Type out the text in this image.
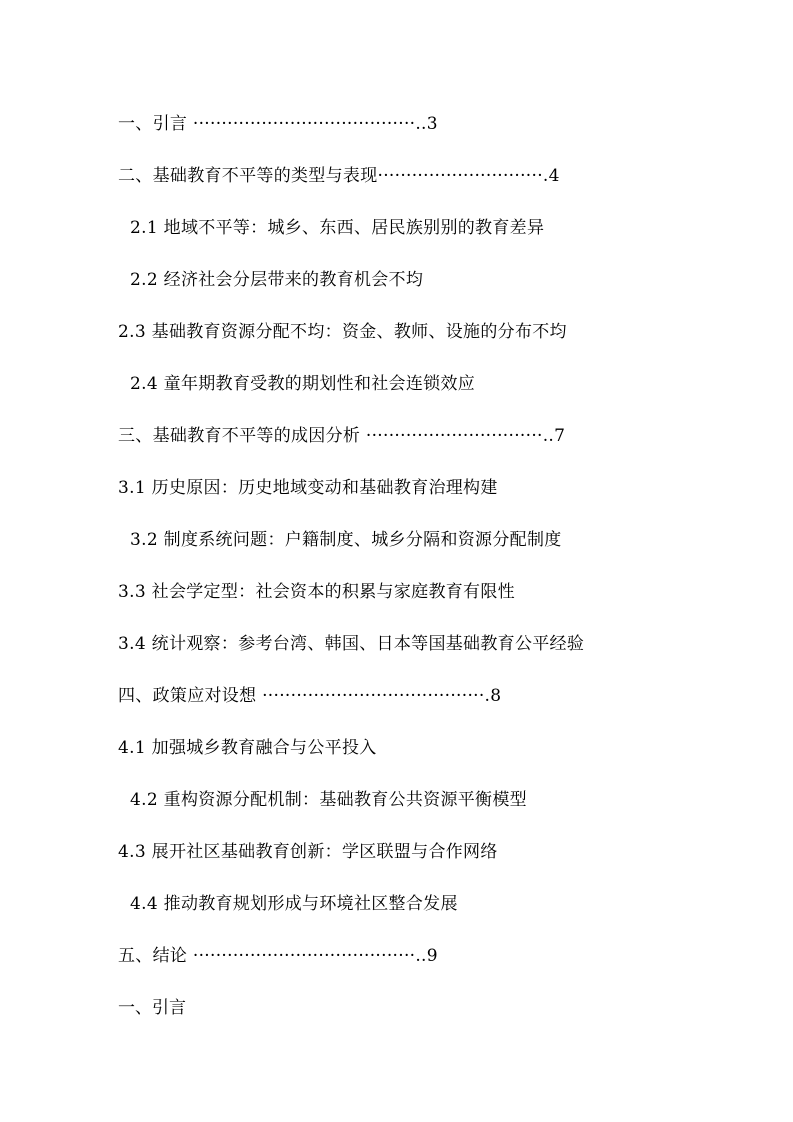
一、引言 ·······································..3
二、基础教育不平等的类型与表现·····························.4
2.1 地域不平等：城乡、东西、居民族别别的教育差异
2.2 经济社会分层带来的教育机会不均
2.3 基础教育资源分配不均：资金、教师、设施的分布不均
2.4 童年期教育受教的期划性和社会连锁效应
三、基础教育不平等的成因分析 ·······························..7
3.1 历史原因：历史地域变动和基础教育治理构建
3.2 制度系统问题：户籍制度、城乡分隔和资源分配制度
3.3 社会学定型：社会资本的积累与家庭教育有限性
3.4 统计观察：参考台湾、韩国、日本等国基础教育公平经验
四、政策应对设想 ·······································.8
4.1 加强城乡教育融合与公平投入
4.2 重构资源分配机制：基础教育公共资源平衡模型
4.3 展开社区基础教育创新：学区联盟与合作网络
4.4 推动教育规划形成与环境社区整合发展
五、结论 ·······································..9
一、引言
